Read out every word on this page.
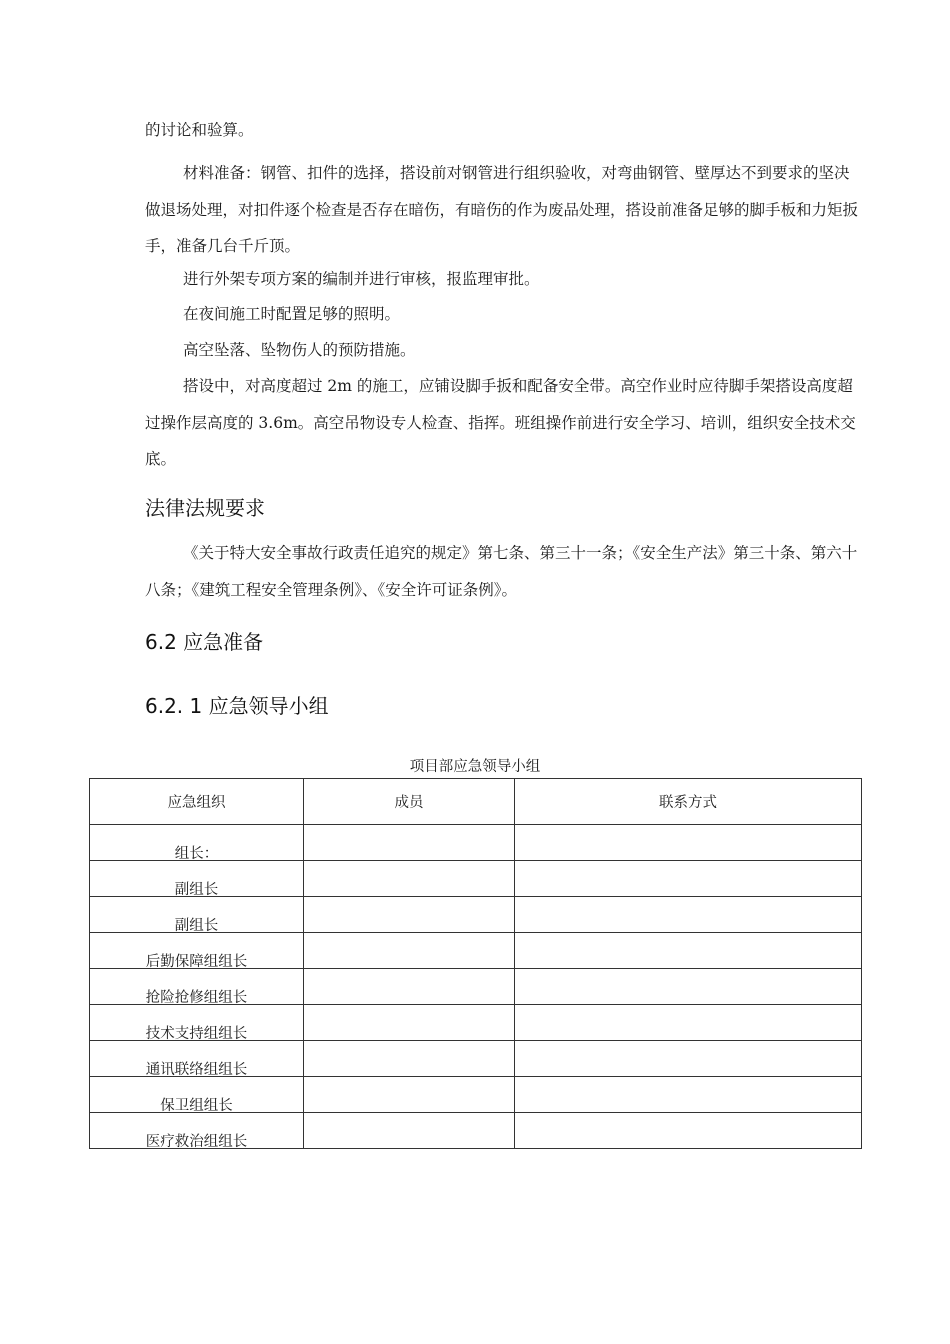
的讨论和验算。

材料准备：钢管、扣件的选择，搭设前对钢管进行组织验收，对弯曲钢管、壁厚达不到要求的坚决做退场处理，对扣件逐个检查是否存在暗伤，有暗伤的作为废品处理，搭设前准备足够的脚手板和力矩扳手，准备几台千斤顶。

进行外架专项方案的编制并进行审核，报监理审批。

在夜间施工时配置足够的照明。

高空坠落、坠物伤人的预防措施。

搭设中，对高度超过 2m 的施工，应铺设脚手扳和配备安全带。高空作业时应待脚手架搭设高度超过操作层高度的 3.6m。高空吊物设专人检查、指挥。班组操作前进行安全学习、培训，组织安全技术交底。

法律法规要求

《关于特大安全事故行政责任追究的规定》第七条、第三十一条；《安全生产法》第三十条、第六十八条；《建筑工程安全管理条例》、《安全许可证条例》。

6.2 应急准备
6.2. 1 应急领导小组

项目部应急领导小组

应急组织	成员	联系方式
组长：		
副组长		
副组长		
后勤保障组组长		
抢险抢修组组长		
技术支持组组长		
通讯联络组组长		
保卫组组长		
医疗救治组组长		
